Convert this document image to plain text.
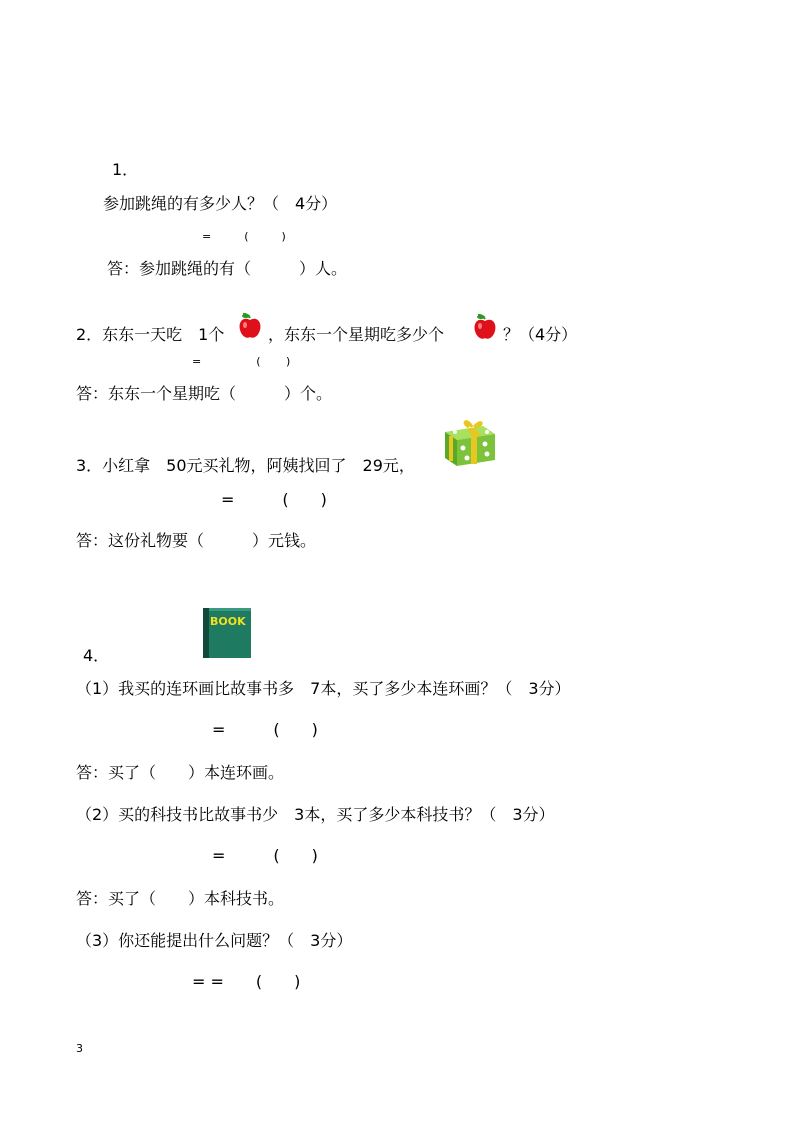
1．
参加跳绳的有多少人？（　4分）
=　　　(　　　)
答：参加跳绳的有（　　　）人。
2．东东一天吃　1个	，东东一个星期吃多少个	？（4分）
=　　　　　(　　 )
答：东东一个星期吃（　　　）个。
3．小红拿　50元买礼物，阿姨找回了　29元，
=　　　(　　)
答：这份礼物要（　　　）元钱。
BOOK
4．
（1）我买的连环画比故事书多　7本，买了多少本连环画？（　3分）
=　　　(　　)
答：买了（　　）本连环画。
（2）买的科技书比故事书少　3本，买了多少本科技书？（　3分）
=　　　(　　)
答：买了（　　）本科技书。
（3）你还能提出什么问题？（　3分）
= =　　(　　)
3
